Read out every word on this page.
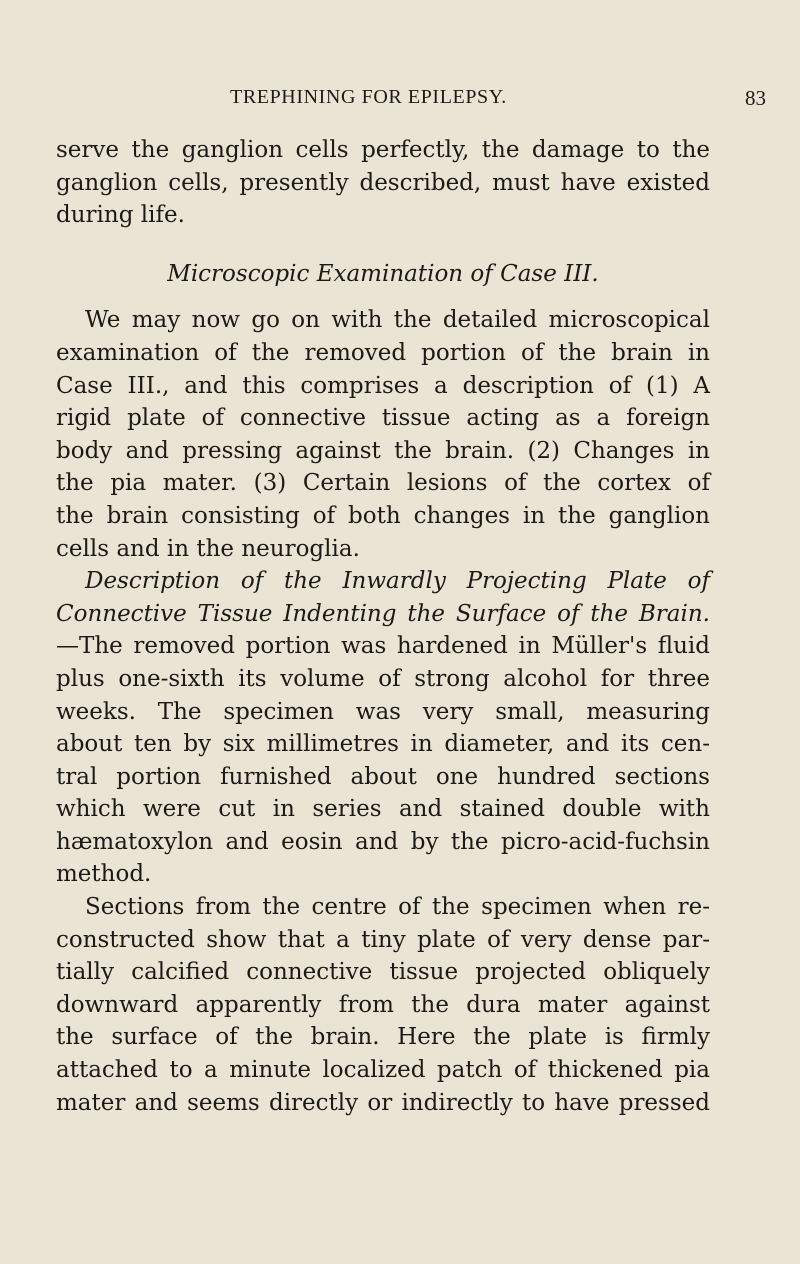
TREPHINING FOR EPILEPSY.	83

serve the ganglion cells perfectly, the damage to the

ganglion cells, presently described, must have existed

during life.

Microscopic Examination of Case III.

We may now go on with the detailed microscopical

examination of the removed portion of the brain in

Case III., and this comprises a description of (1) A

rigid plate of connective tissue acting as a foreign

body and pressing against the brain. (2) Changes in

the pia mater. (3) Certain lesions of the cortex of

the brain consisting of both changes in the ganglion

cells and in the neuroglia.

Description of the Inwardly Projecting Plate of

Connective Tissue Indenting the Surface of the Brain.

—The removed portion was hardened in Müller's fluid

plus one-sixth its volume of strong alcohol for three

weeks. The specimen was very small, measuring

about ten by six millimetres in diameter, and its cen-

tral portion furnished about one hundred sections

which were cut in series and stained double with

hæmatoxylon and eosin and by the picro-acid-fuchsin

method.

Sections from the centre of the specimen when re-

constructed show that a tiny plate of very dense par-

tially calcified connective tissue projected obliquely

downward apparently from the dura mater against

the surface of the brain. Here the plate is firmly

attached to a minute localized patch of thickened pia

mater and seems directly or indirectly to have pressed
